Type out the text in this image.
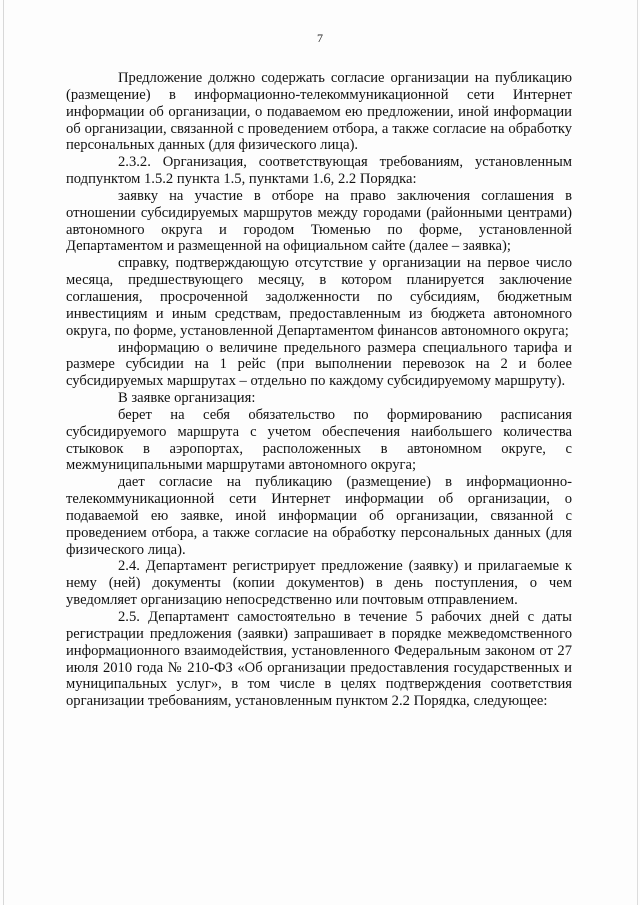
7

Предложение должно содержать согласие организации на публикацию (размещение) в информационно-телекоммуникационной сети Интернет информации об организации, о подаваемом ею предложении, иной информации об организации, связанной с проведением отбора, а также согласие на обработку персональных данных (для физического лица).

2.3.2. Организация, соответствующая требованиям, установленным подпунктом 1.5.2 пункта 1.5, пунктами 1.6, 2.2 Порядка:

заявку на участие в отборе на право заключения соглашения в отношении субсидируемых маршрутов между городами (районными центрами) автономного округа и городом Тюменью по форме, установленной Департаментом и размещенной на официальном сайте (далее – заявка);

справку, подтверждающую отсутствие у организации на первое число месяца, предшествующего месяцу, в котором планируется заключение соглашения, просроченной задолженности по субсидиям, бюджетным инвестициям и иным средствам, предоставленным из бюджета автономного округа, по форме, установленной Департаментом финансов автономного округа;

информацию о величине предельного размера специального тарифа и размере субсидии на 1 рейс (при выполнении перевозок на 2 и более субсидируемых маршрутах – отдельно по каждому субсидируемому маршруту).

В заявке организация:

берет на себя обязательство по формированию расписания субсидируемого маршрута с учетом обеспечения наибольшего количества стыковок в аэропортах, расположенных в автономном округе, с межмуниципальными маршрутами автономного округа;

дает согласие на публикацию (размещение) в информационно-телекоммуникационной сети Интернет информации об организации, о подаваемой ею заявке, иной информации об организации, связанной с проведением отбора, а также согласие на обработку персональных данных (для физического лица).

2.4. Департамент регистрирует предложение (заявку) и прилагаемые к нему (ней) документы (копии документов) в день поступления, о чем уведомляет организацию непосредственно или почтовым отправлением.

2.5. Департамент самостоятельно в течение 5 рабочих дней с даты регистрации предложения (заявки) запрашивает в порядке межведомственного информационного взаимодействия, установленного Федеральным законом от 27 июля 2010 года № 210-ФЗ «Об организации предоставления государственных и муниципальных услуг», в том числе в целях подтверждения соответствия организации требованиям, установленным пунктом 2.2 Порядка, следующее:
